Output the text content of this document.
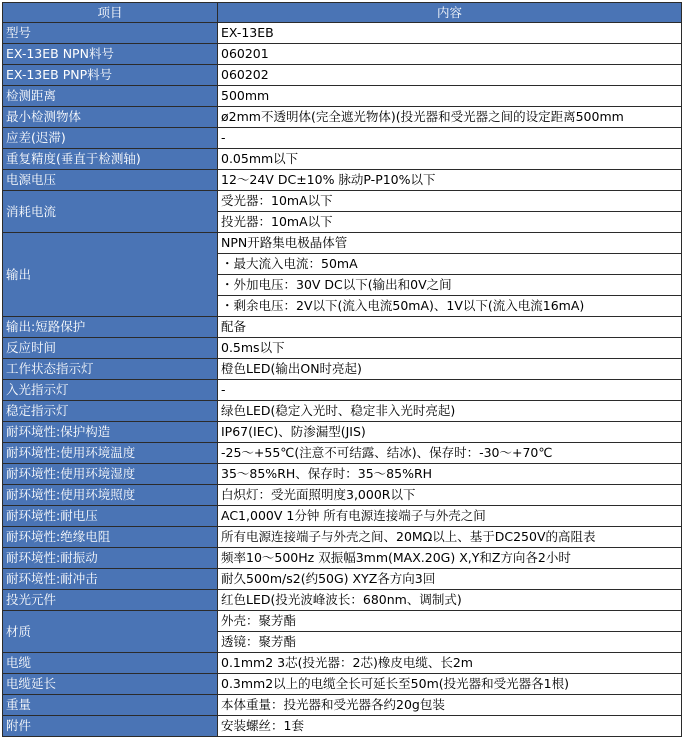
项目	内容
型号	EX-13EB
EX-13EB NPN料号	060201
EX-13EB PNP料号	060202
检测距离	500mm
最小检测物体	ø2mm不透明体(完全遮光物体)(投光器和受光器之间的设定距离500mm
应差(迟滞)	-
重复精度(垂直于检测轴)	0.05mm以下
电源电压	12～24V DC±10% 脉动P-P10%以下
消耗电流	受光器：10mA以下
	投光器：10mA以下
输出	NPN开路集电极晶体管
	・最大流入电流：50mA
	・外加电压：30V DC以下(输出和0V之间
	・剩余电压：2V以下(流入电流50mA)、1V以下(流入电流16mA)
输出:短路保护	配备
反应时间	0.5ms以下
工作状态指示灯	橙色LED(输出ON时亮起)
入光指示灯	-
稳定指示灯	绿色LED(稳定入光时、稳定非入光时亮起)
耐环境性:保护构造	IP67(IEC)、防渗漏型(JIS)
耐环境性:使用环境温度	-25～+55℃(注意不可结露、结冰)、保存时：-30～+70℃
耐环境性:使用环境湿度	35～85%RH、保存时：35～85%RH
耐环境性:使用环境照度	白炽灯：受光面照明度3,000R以下
耐环境性:耐电压	AC1,000V 1分钟 所有电源连接端子与外壳之间
耐环境性:绝缘电阻	所有电源连接端子与外壳之间、20MΩ以上、基于DC250V的高阻表
耐环境性:耐振动	频率10～500Hz 双振幅3mm(MAX.20G) X,Y和Z方向各2小时
耐环境性:耐冲击	耐久500m/s2(约50G) XYZ各方向3回
投光元件	红色LED(投光波峰波长：680nm、调制式)
材质	外壳：聚芳酯
	透镜：聚芳酯
电缆	0.1mm2 3芯(投光器：2芯)橡皮电缆、长2m
电缆延长	0.3mm2以上的电缆全长可延长至50m(投光器和受光器各1根)
重量	本体重量：投光器和受光器各约20g包装
附件	安装螺丝：1套
